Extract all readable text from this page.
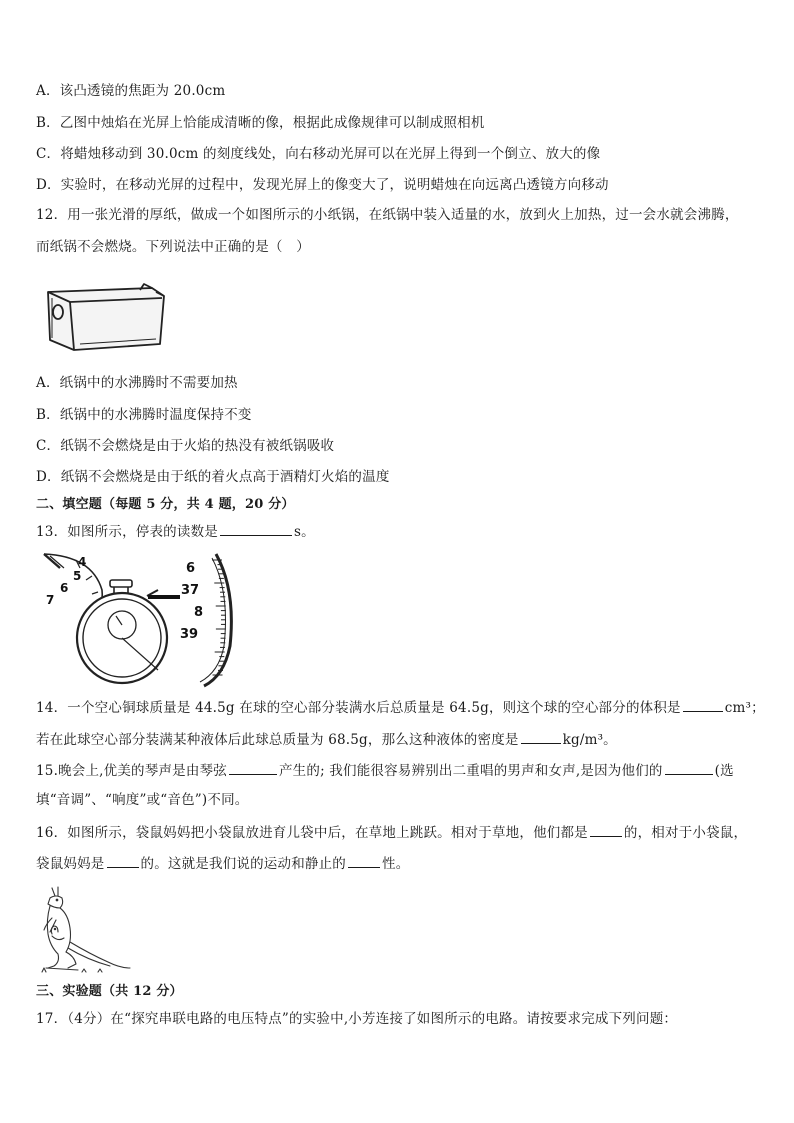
A．该凸透镜的焦距为 20.0cm
B．乙图中烛焰在光屏上恰能成清晰的像，根据此成像规律可以制成照相机
C．将蜡烛移动到 30.0cm 的刻度线处，向右移动光屏可以在光屏上得到一个倒立、放大的像
D．实验时，在移动光屏的过程中，发现光屏上的像变大了，说明蜡烛在向远离凸透镜方向移动
12．用一张光滑的厚纸，做成一个如图所示的小纸锅，在纸锅中装入适量的水，放到火上加热，过一会水就会沸腾，
而纸锅不会燃烧。下列说法中正确的是（　）
A．纸锅中的水沸腾时不需要加热
B．纸锅中的水沸腾时温度保持不变
C．纸锅不会燃烧是由于火焰的热没有被纸锅吸收
D．纸锅不会燃烧是由于纸的着火点高于酒精灯火焰的温度
二、填空题（每题 5 分，共 4 题，20 分）
13．如图所示，停表的读数是	s。
4
5
6
7
6
37
8
39
14．一个空心铜球质量是 44.5g 在球的空心部分装满水后总质量是 64.5g，则这个球的空心部分的体积是	cm³；
若在此球空心部分装满某种液体后此球总质量为 68.5g，那么这种液体的密度是	kg/m³。
15.晚会上,优美的琴声是由琴弦	产生的; 我们能很容易辨别出二重唱的男声和女声,是因为他们的	(选
填“音调”、“响度”或“音色”)不同。
16．如图所示，袋鼠妈妈把小袋鼠放进育儿袋中后，在草地上跳跃。相对于草地，他们都是	的，相对于小袋鼠，
袋鼠妈妈是	的。这就是我们说的运动和静止的	性。
三、实验题（共 12 分）
17．（4分）在“探究串联电路的电压特点”的实验中,小芳连接了如图所示的电路。请按要求完成下列问题：
